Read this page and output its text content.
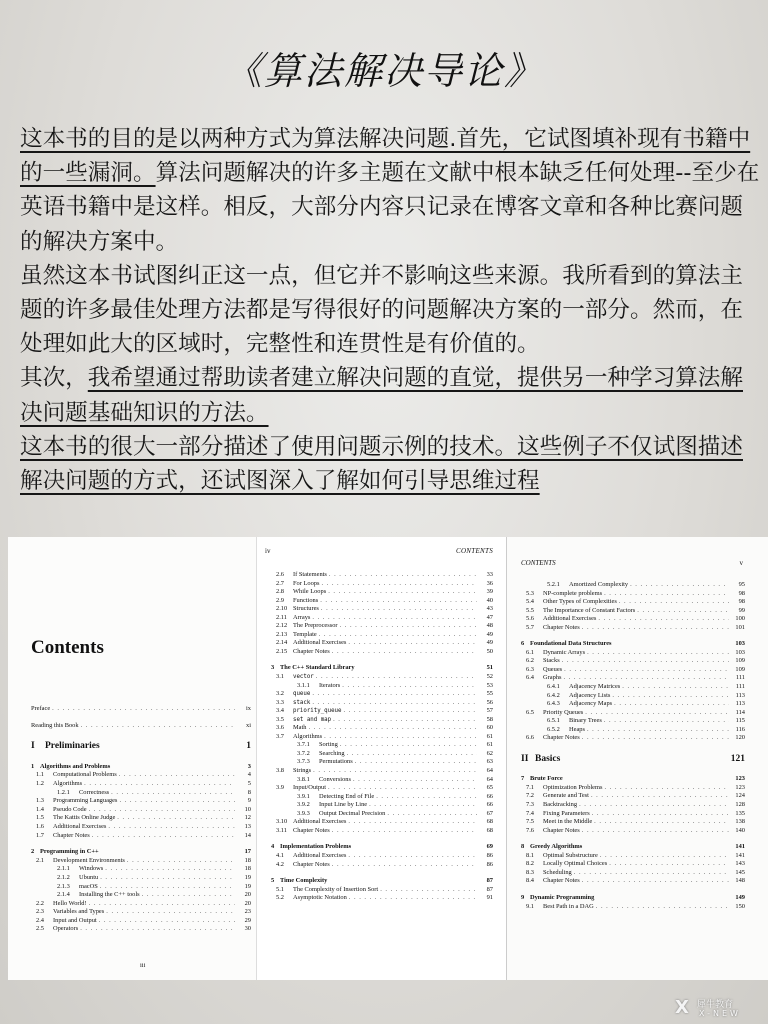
《算法解决导论》

这本书的目的是以两种方式为算法解决问题.首先，它试图填补现有书籍中的一些漏洞。算法问题解决的许多主题在文献中根本缺乏任何处理--至少在英语书籍中是这样。相反，大部分内容只记录在博客文章和各种比赛问题的解决方案中。

虽然这本书试图纠正这一点，但它并不影响这些来源。我所看到的算法主题的许多最佳处理方法都是写得很好的问题解决方案的一部分。然而，在处理如此大的区域时，完整性和连贯性是有价值的。

其次，我希望通过帮助读者建立解决问题的直觉，提供另一种学习算法解决问题基础知识的方法。

这本书的很大一部分描述了使用问题示例的技术。这些例子不仅试图描述解决问题的方式，还试图深入了解如何引导思维过程

Contents
Preface . . .	ix
Reading this Book . . .	xi
I	Preliminaries	1
1 Algorithms and Problems	3
1.1	Computational Problems . . .	4
1.2	Algorithms . . .	5
1.2.1	Correctness . . .	8
1.3	Programming Languages . . .	9
1.4	Pseudo Code . . .	10
1.5	The Kattis Online Judge . . .	12
1.6	Additional Exercises . . .	13
1.7	Chapter Notes . . .	14
2 Programming in C++	17
2.1	Development Environments . . .	18
2.1.1	Windows . . .	18
2.1.2	Ubuntu . . .	19
2.1.3	macOS . . .	19
2.1.4	Installing the C++ tools . . .	20
2.2	Hello World! . . .	20
2.3	Variables and Types . . .	23
2.4	Input and Output . . .	29
2.5	Operators . . .	30
iii
iv	CONTENTS
2.6	If Statements . . .	33
2.7	For Loops . . .	36
2.8	While Loops . . .	39
2.9	Functions . . .	40
2.10 Structures . . .	43
2.11 Arrays . . .	47
2.12 The Preprocessor . . .	48
2.13 Template . . .	49
2.14 Additional Exercises . . .	49
2.15 Chapter Notes . . .	50
3 The C++ Standard Library	51
3.1	vector . . .	52
3.1.1	Iterators . . .	53
3.2	queue . . .	55
3.3	stack . . .	56
3.4	priority_queue . . .	57
3.5	set and map . . .	58
3.6	Math . . .	60
3.7	Algorithms . . .	61
3.7.1	Sorting . . .	61
3.7.2	Searching . . .	62
3.7.3	Permutations . . .	63
3.8	Strings . . .	64
3.8.1	Conversions . . .	64
3.9	Input/Output . . .	65
3.9.1	Detecting End of File . . .	66
3.9.2	Input Line by Line . . .	66
3.9.3	Output Decimal Precision . . .	67
3.10 Additional Exercises . . .	68
3.11 Chapter Notes . . .	68
4 Implementation Problems	69
4.1	Additional Exercises . . .	86
4.2	Chapter Notes . . .	86
5 Time Complexity	87
5.1	The Complexity of Insertion Sort . . .	87
5.2	Asymptotic Notation . . .	91
CONTENTS	v
5.2.1	Amortized Complexity . . .	95
5.3	NP-complete problems . . .	98
5.4	Other Types of Complexities . . .	98
5.5	The Importance of Constant Factors . . .	99
5.6	Additional Exercises . . .	100
5.7	Chapter Notes . . .	101
6 Foundational Data Structures	103
6.1	Dynamic Arrays . . .	103
6.2	Stacks . . .	109
6.3	Queues . . .	109
6.4	Graphs . . .	111
6.4.1	Adjacency Matrices . . .	111
6.4.2	Adjacency Lists . . .	113
6.4.3	Adjacency Maps . . .	113
6.5	Priority Queues . . .	114
6.5.1	Binary Trees . . .	115
6.5.2	Heaps . . .	116
6.6	Chapter Notes . . .	120
II Basics	121
7 Brute Force	123
7.1	Optimization Problems . . .	123
7.2	Generate and Test . . .	124
7.3	Backtracking . . .	128
7.4	Fixing Parameters . . .	135
7.5	Meet in the Middle . . .	138
7.6	Chapter Notes . . .	140
8 Greedy Algorithms	141
8.1	Optimal Substructure . . .	141
8.2	Locally Optimal Choices . . .	143
8.3	Scheduling . . .	145
8.4	Chapter Notes . . .	148
9 Dynamic Programming	149
9.1	Best Path in a DAG . . .	150
X 犀牛教育
X-NEW
